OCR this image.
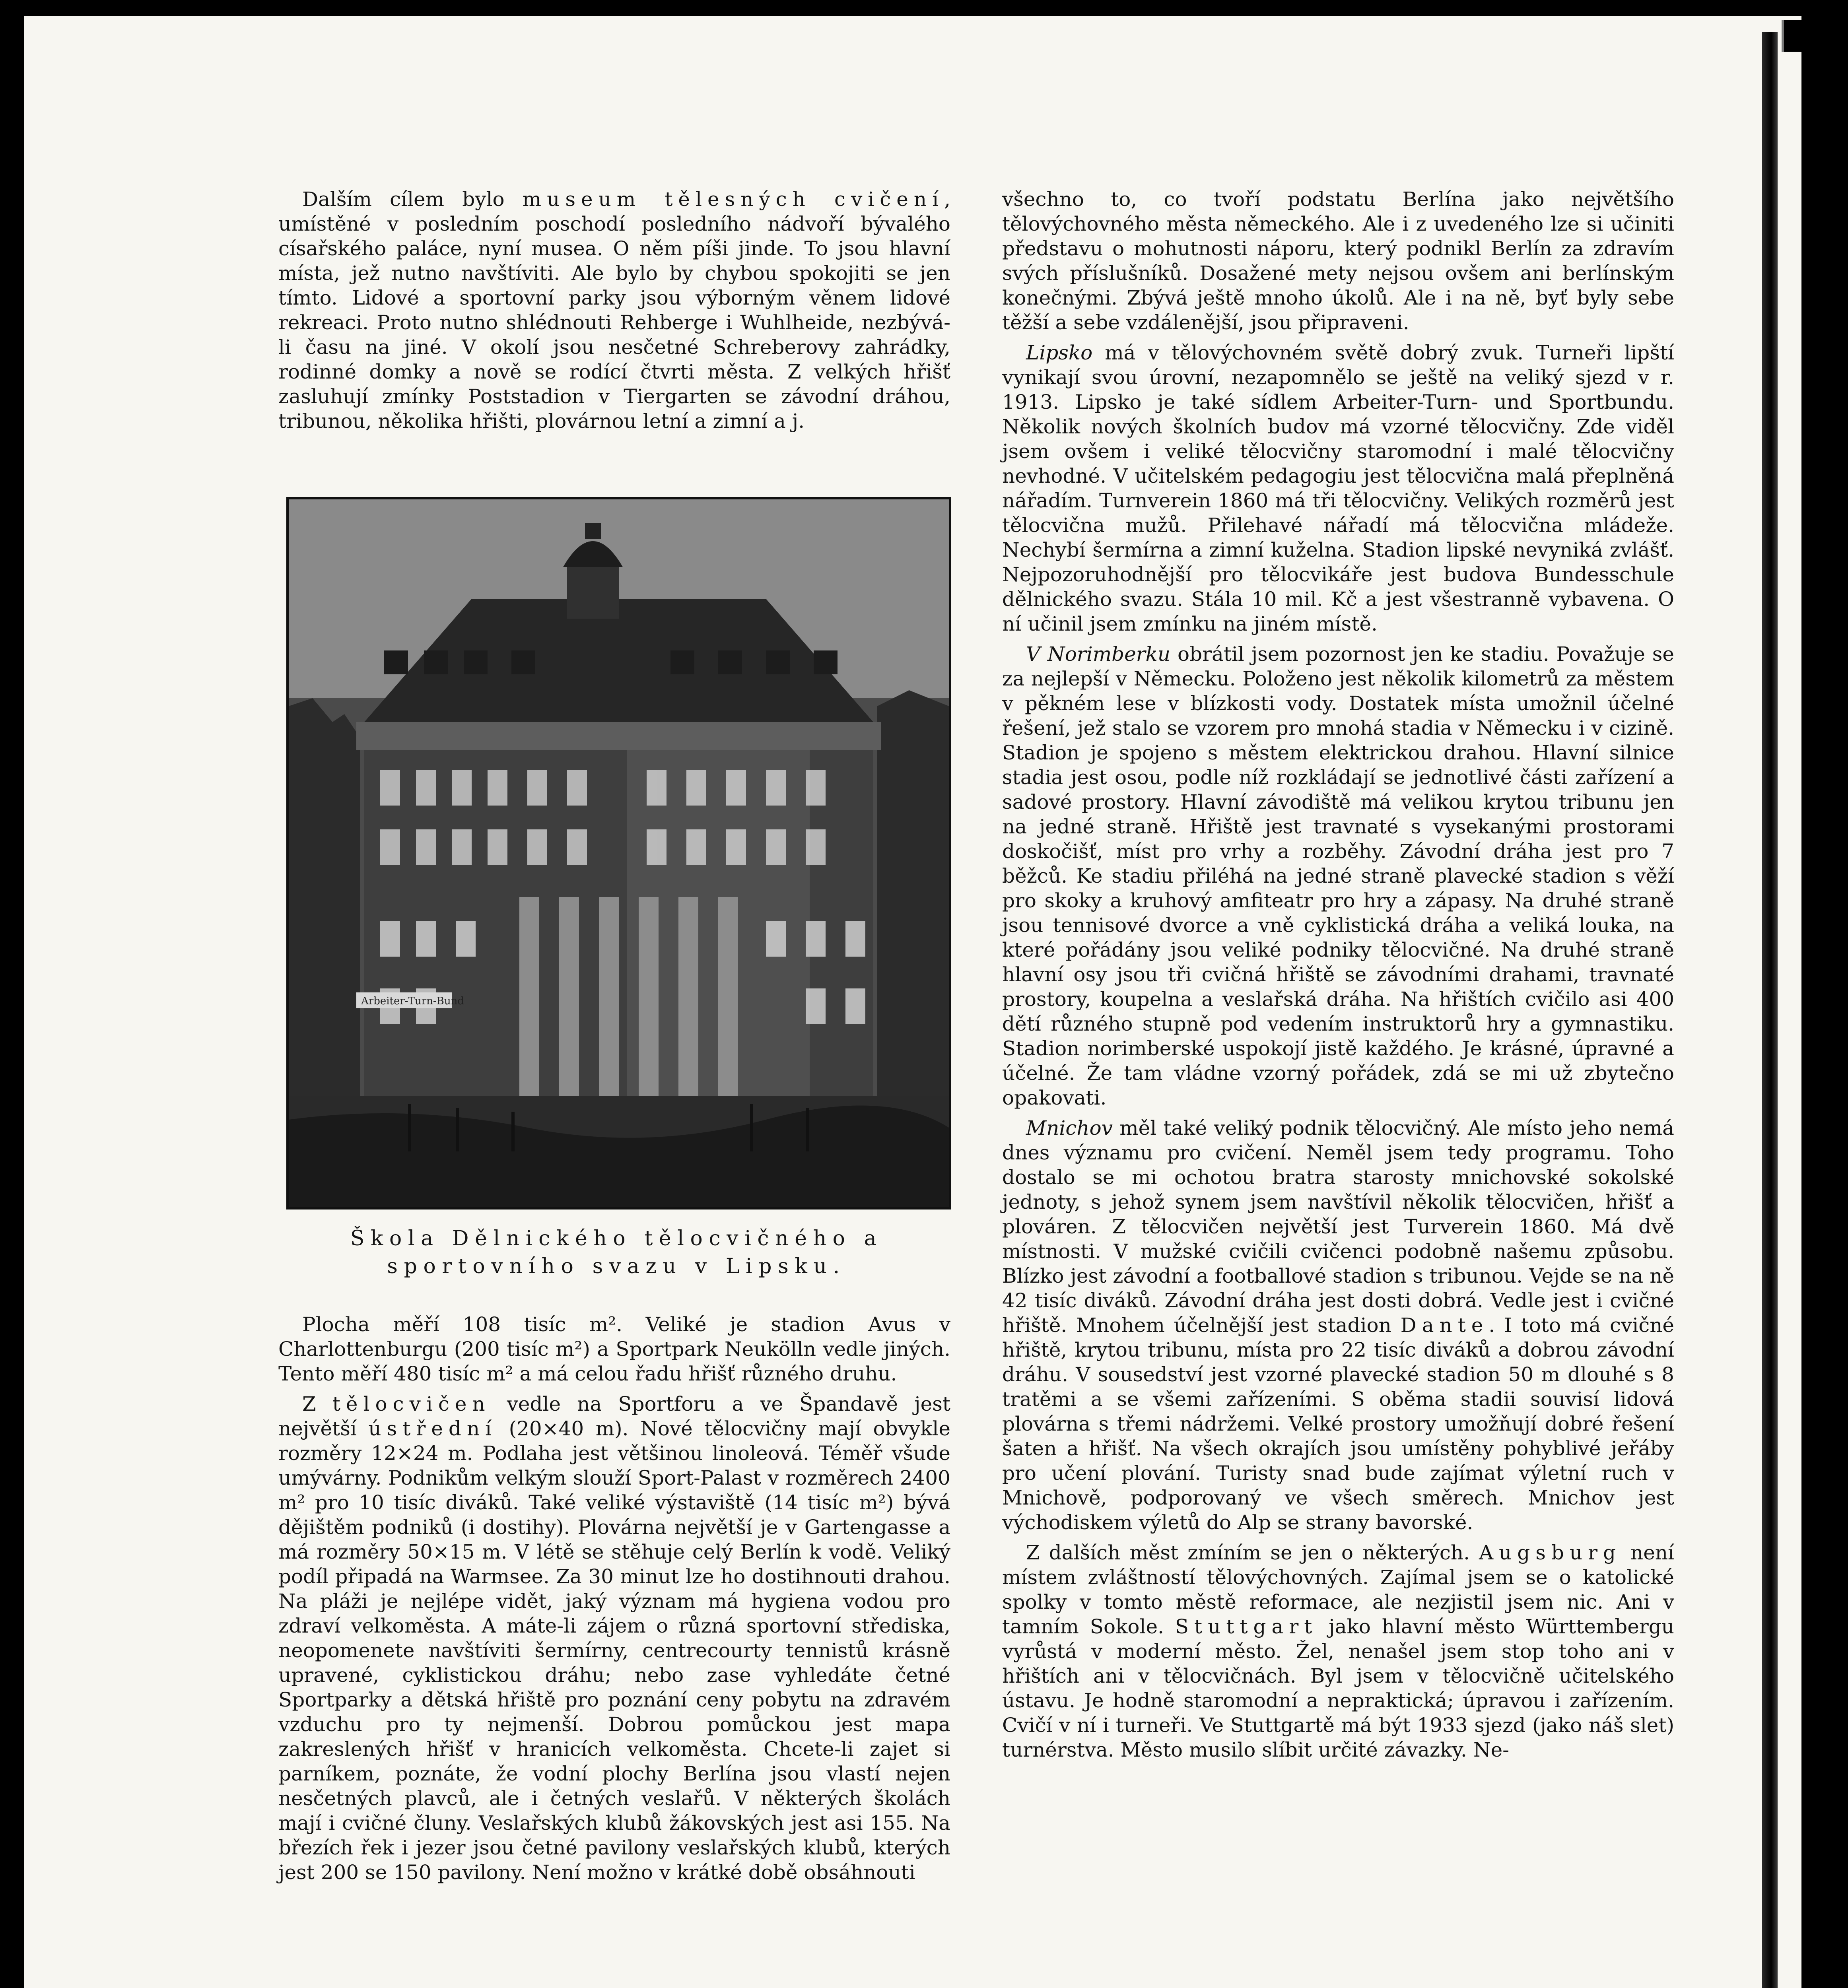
Dalším cílem bylo museum tělesných cvičení, umístěné v posledním poschodí posledního nádvoří bývalého císařského paláce, nyní musea. O něm píši jinde. To jsou hlavní místa, jež nutno navštíviti. Ale bylo by chybou spokojiti se jen tímto. Lidové a sportovní parky jsou výborným věnem lidové rekreaci. Proto nutno shlédnouti Rehberge i Wuhlheide, nezbývá-li času na jiné. V okolí jsou nesčetné Schreberovy zahrádky, rodinné domky a nově se rodící čtvrti města. Z velkých hřišť zasluhují zmínky Poststadion v Tiergarten se závodní dráhou, tribunou, několika hřišti, plovárnou letní a zimní a j.

Arbeiter-Turn-Bund
Škola Dělnického tělocvičného a sportovního svazu v Lipsku.

Plocha měří 108 tisíc m². Veliké je stadion Avus v Charlottenburgu (200 tisíc m²) a Sportpark Neukölln vedle jiných. Tento měří 480 tisíc m² a má celou řadu hřišť různého druhu.

Z tělocvičen vedle na Sportforu a ve Špandavě jest největší ústřední (20×40 m). Nové tělocvičny mají obvykle rozměry 12×24 m. Podlaha jest většinou linoleová. Téměř všude umývárny. Podnikům velkým slouží Sport-Palast v rozměrech 2400 m² pro 10 tisíc diváků. Také veliké výstaviště (14 tisíc m²) bývá dějištěm podniků (i dostihy). Plovárna největší je v Gartengasse a má rozměry 50×15 m. V létě se stěhuje celý Berlín k vodě. Veliký podíl připadá na Warmsee. Za 30 minut lze ho dostihnouti drahou. Na pláži je nejlépe vidět, jaký význam má hygiena vodou pro zdraví velkoměsta. A máte-li zájem o různá sportovní střediska, neopomenete navštíviti šermírny, centrecourty tennistů krásně upravené, cyklistickou dráhu; nebo zase vyhledáte četné Sportparky a dětská hřiště pro poznání ceny pobytu na zdravém vzduchu pro ty nejmenší. Dobrou pomůckou jest mapa zakreslených hřišť v hranicích velkoměsta. Chcete-li zajet si parníkem, poznáte, že vodní plochy Berlína jsou vlastí nejen nesčetných plavců, ale i četných veslařů. V některých školách mají i cvičné čluny. Veslařských klubů žákovských jest asi 155. Na březích řek i jezer jsou četné pavilony veslařských klubů, kterých jest 200 se 150 pavilony. Není možno v krátké době obsáhnouti

všechno to, co tvoří podstatu Berlína jako největšího tělovýchovného města německého. Ale i z uvedeného lze si učiniti představu o mohutnosti náporu, který podnikl Berlín za zdravím svých příslušníků. Dosažené mety nejsou ovšem ani berlínským konečnými. Zbývá ještě mnoho úkolů. Ale i na ně, byť byly sebe těžší a sebe vzdálenější, jsou připraveni.

Lipsko má v tělovýchovném světě dobrý zvuk. Turneři lipští vynikají svou úrovní, nezapomnělo se ještě na veliký sjezd v r. 1913. Lipsko je také sídlem Arbeiter-Turn- und Sportbundu. Několik nových školních budov má vzorné tělocvičny. Zde viděl jsem ovšem i veliké tělocvičny staromodní i malé tělocvičny nevhodné. V učitelském pedagogiu jest tělocvična malá přeplněná nářadím. Turnverein 1860 má tři tělocvičny. Velikých rozměrů jest tělocvična mužů. Přilehavé nářadí má tělocvična mládeže. Nechybí šermírna a zimní kuželna. Stadion lipské nevyniká zvlášť. Nejpozoruhodnější pro tělocvikáře jest budova Bundesschule dělnického svazu. Stála 10 mil. Kč a jest všestranně vybavena. O ní učinil jsem zmínku na jiném místě.

V Norimberku obrátil jsem pozornost jen ke stadiu. Považuje se za nejlepší v Německu. Položeno jest několik kilometrů za městem v pěkném lese v blízkosti vody. Dostatek místa umožnil účelné řešení, jež stalo se vzorem pro mnohá stadia v Německu i v cizině. Stadion je spojeno s městem elektrickou drahou. Hlavní silnice stadia jest osou, podle níž rozkládají se jednotlivé části zařízení a sadové prostory. Hlavní závodiště má velikou krytou tribunu jen na jedné straně. Hřiště jest travnaté s vysekanými prostorami doskočišť, míst pro vrhy a rozběhy. Závodní dráha jest pro 7 běžců. Ke stadiu přiléhá na jedné straně plavecké stadion s věží pro skoky a kruhový amfiteatr pro hry a zápasy. Na druhé straně jsou tennisové dvorce a vně cyklistická dráha a veliká louka, na které pořádány jsou veliké podniky tělocvičné. Na druhé straně hlavní osy jsou tři cvičná hřiště se závodními drahami, travnaté prostory, koupelna a veslařská dráha. Na hřištích cvičilo asi 400 dětí různého stupně pod vedením instruktorů hry a gymnastiku. Stadion norimberské uspokojí jistě každého. Je krásné, úpravné a účelné. Že tam vládne vzorný pořádek, zdá se mi už zbytečno opakovati.

Mnichov měl také veliký podnik tělocvičný. Ale místo jeho nemá dnes významu pro cvičení. Neměl jsem tedy programu. Toho dostalo se mi ochotou bratra starosty mnichovské sokolské jednoty, s jehož synem jsem navštívil několik tělocvičen, hřišť a plováren. Z tělocvičen největší jest Turverein 1860. Má dvě místnosti. V mužské cvičili cvičenci podobně našemu způsobu. Blízko jest závodní a footballové stadion s tribunou. Vejde se na ně 42 tisíc diváků. Závodní dráha jest dosti dobrá. Vedle jest i cvičné hřiště. Mnohem účelnější jest stadion Dante. I toto má cvičné hřiště, krytou tribunu, místa pro 22 tisíc diváků a dobrou závodní dráhu. V sousedství jest vzorné plavecké stadion 50 m dlouhé s 8 tratěmi a se všemi zařízeními. S oběma stadii souvisí lidová plovárna s třemi nádržemi. Velké prostory umožňují dobré řešení šaten a hřišť. Na všech okrajích jsou umístěny pohyblivé jeřáby pro učení plování. Turisty snad bude zajímat výletní ruch v Mnichově, podporovaný ve všech směrech. Mnichov jest východiskem výletů do Alp se strany bavorské.

Z dalších měst zmíním se jen o některých. Augsburg není místem zvláštností tělovýchovných. Zajímal jsem se o katolické spolky v tomto městě reformace, ale nezjistil jsem nic. Ani v tamním Sokole. Stuttgart jako hlavní město Württembergu vyrůstá v moderní město. Žel, nenašel jsem stop toho ani v hřištích ani v tělocvičnách. Byl jsem v tělocvičně učitelského ústavu. Je hodně staromodní a nepraktická; úpravou i zařízením. Cvičí v ní i turneři. Ve Stuttgartě má být 1933 sjezd (jako náš slet) turnérstva. Město musilo slíbit určité závazky. Ne-
